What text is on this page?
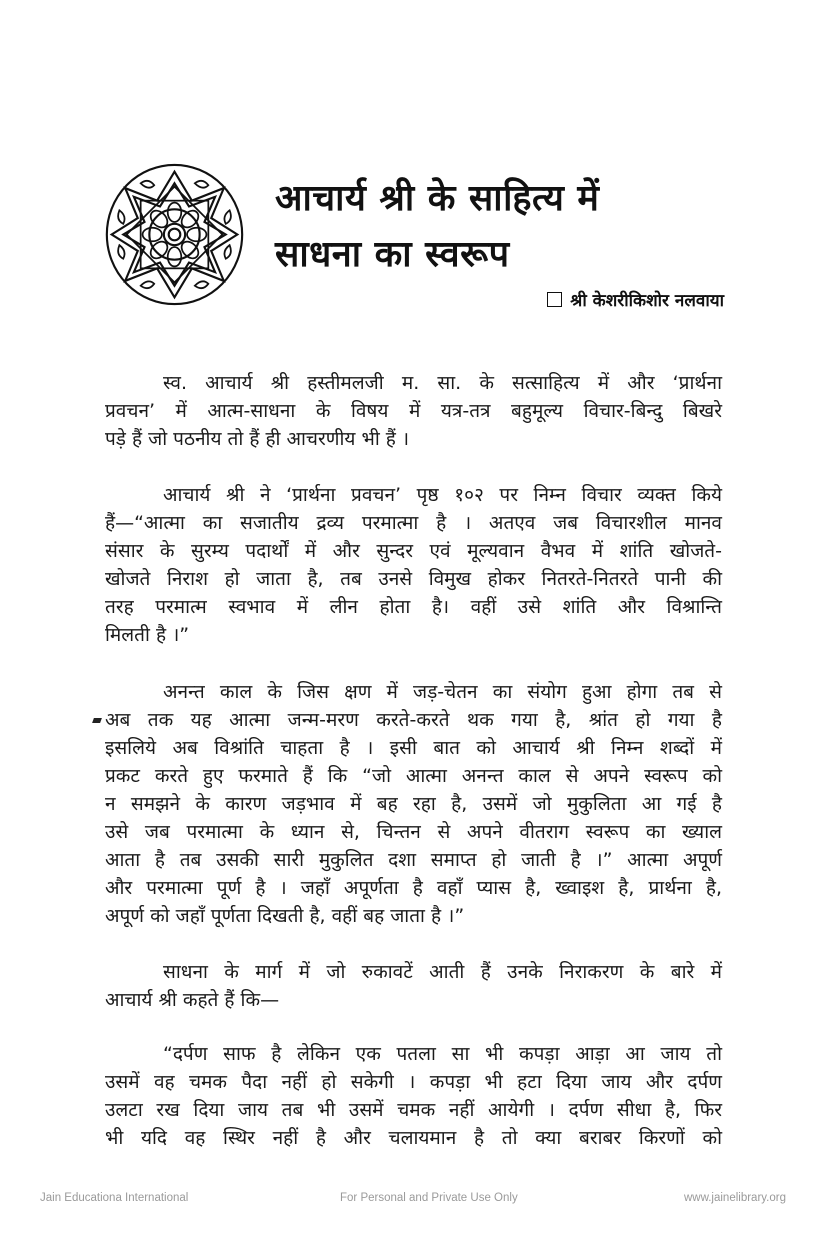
आचार्य श्री के साहित्य में
साधना का स्वरूप
श्री केशरीकिशोर नलवाया
स्व. आचार्य श्री हस्तीमलजी म. सा. के सत्साहित्य में और ‘प्रार्थना
प्रवचन’ में आत्म-साधना के विषय में यत्र-तत्र बहुमूल्य विचार-बिन्दु बिखरे
पड़े हैं जो पठनीय तो हैं ही आचरणीय भी हैं ।
आचार्य श्री ने ‘प्रार्थना प्रवचन’ पृष्ठ १०२ पर निम्न विचार व्यक्त किये
हैं—“आत्मा का सजातीय द्रव्य परमात्मा है । अतएव जब विचारशील मानव
संसार के सुरम्य पदार्थों में और सुन्दर एवं मूल्यवान वैभव में शांति खोजते-
खोजते निराश हो जाता है, तब उनसे विमुख होकर नितरते-नितरते पानी की
तरह परमात्म स्वभाव में लीन होता है। वहीं उसे शांति और विश्रान्ति
मिलती है ।”
अनन्त काल के जिस क्षण में जड़-चेतन का संयोग हुआ होगा तब से
अब तक यह आत्मा जन्म-मरण करते-करते थक गया है, श्रांत हो गया है
इसलिये अब विश्रांति चाहता है । इसी बात को आचार्य श्री निम्न शब्दों में
प्रकट करते हुए फरमाते हैं कि “जो आत्मा अनन्त काल से अपने स्वरूप को
न समझने के कारण जड़भाव में बह रहा है, उसमें जो मुकुलिता आ गई है
उसे जब परमात्मा के ध्यान से, चिन्तन से अपने वीतराग स्वरूप का ख्याल
आता है तब उसकी सारी मुकुलित दशा समाप्त हो जाती है ।” आत्मा अपूर्ण
और परमात्मा पूर्ण है । जहाँ अपूर्णता है वहाँ प्यास है, ख्वाइश है, प्रार्थना है,
अपूर्ण को जहाँ पूर्णता दिखती है, वहीं बह जाता है ।”
साधना के मार्ग में जो रुकावटें आती हैं उनके निराकरण के बारे में
आचार्य श्री कहते हैं कि—
“दर्पण साफ है लेकिन एक पतला सा भी कपड़ा आड़ा आ जाय तो
उसमें वह चमक पैदा नहीं हो सकेगी । कपड़ा भी हटा दिया जाय और दर्पण
उलटा रख दिया जाय तब भी उसमें चमक नहीं आयेगी । दर्पण सीधा है, फिर
भी यदि वह स्थिर नहीं है और चलायमान है तो क्या बराबर किरणों को
Jain Educationa International	For Personal and Private Use Only	www.jainelibrary.org
